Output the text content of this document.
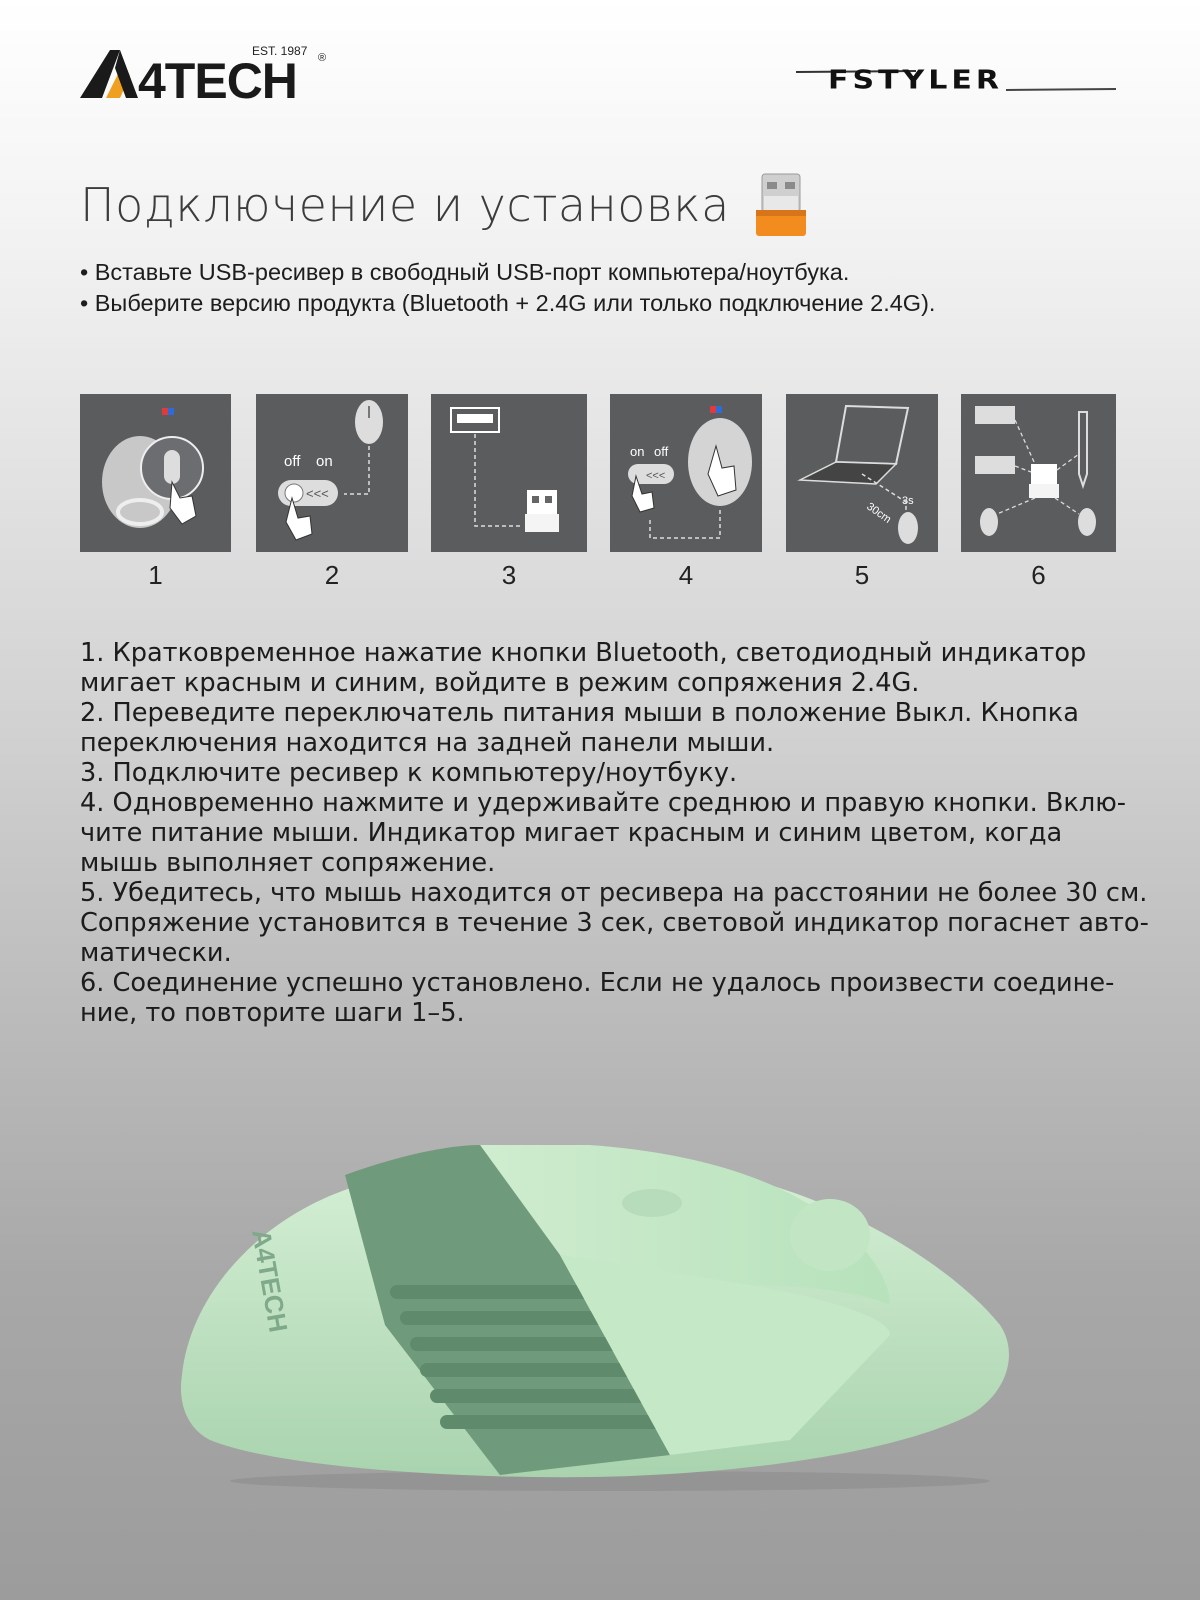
4TECH
EST. 1987 ®
FSTYLER
Подключение и установка
• Вставьте USB-ресивер в свободный USB-порт компьютера/ноутбука.
• Выберите версию продукта (Bluetooth + 2.4G или только подключение 2.4G).
1
off on
<<<
2	3
on off
<<<
4
30cm 3s
5	6

1. Кратковременное нажатие кнопки Bluetooth, светодиодный индикатор

мигает красным и синим, войдите в режим сопряжения 2.4G.

2. Переведите переключатель питания мыши в положение Выкл. Кнопка

переключения находится на задней панели мыши.

3. Подключите ресивер к компьютеру/ноутбуку.

4. Одновременно нажмите и удерживайте среднюю и правую кнопки. Вклю-

чите питание мыши. Индикатор мигает красным и синим цветом, когда

мышь выполняет сопряжение.

5. Убедитесь, что мышь находится от ресивера на расстоянии не более 30 см.

Сопряжение установится в течение 3 сек, световой индикатор погаснет авто-

матически.

6. Соединение успешно установлено. Если не удалось произвести соедине-

ние, то повторите шаги 1–5.

A4TECH
